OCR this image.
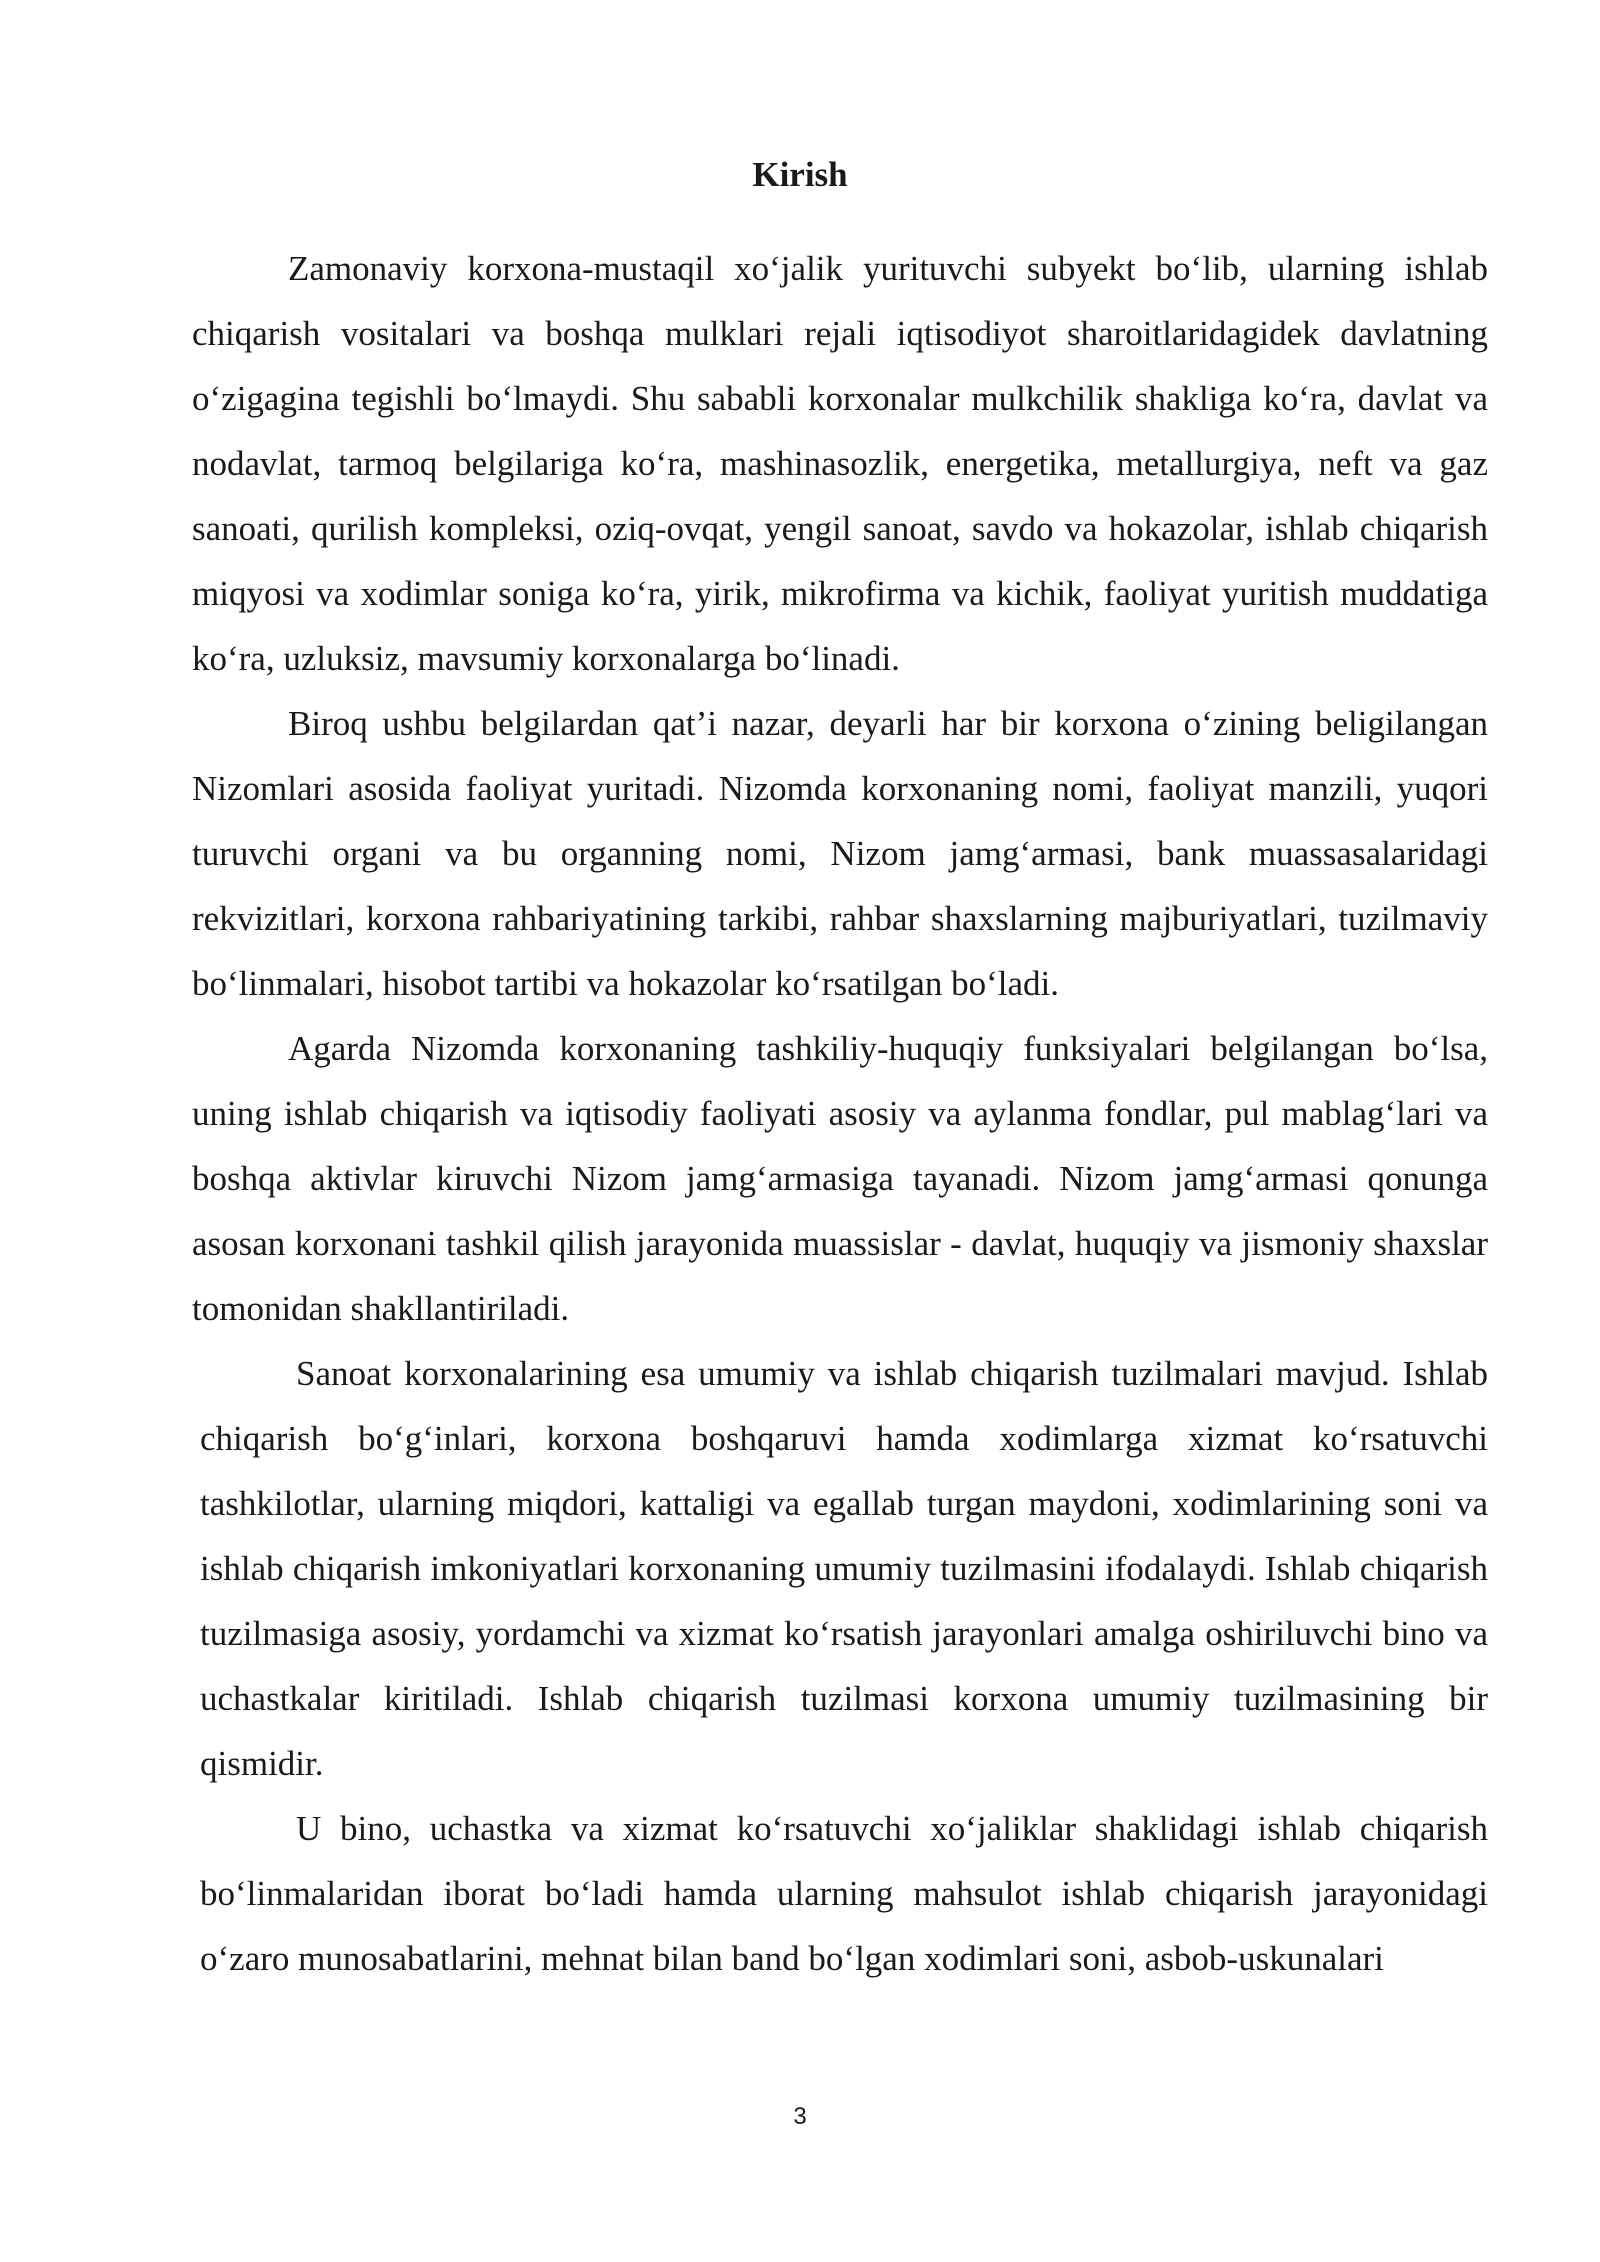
Kirish

Zamonaviy korxona-mustaqil xo‘jalik yurituvchi subyekt bo‘lib, ularning ishlab chiqarish vositalari va boshqa mulklari rejali iqtisodiyot sharoitlaridagidek davlatning o‘zigagina tegishli bo‘lmaydi. Shu sababli korxonalar mulkchilik shakliga ko‘ra, davlat va nodavlat, tarmoq belgilariga ko‘ra, mashinasozlik, energetika, metallurgiya, neft va gaz sanoati, qurilish kompleksi, oziq-ovqat, yengil sanoat, savdo va hokazolar, ishlab chiqarish miqyosi va xodimlar soniga ko‘ra, yirik, mikrofirma va kichik, faoliyat yuritish muddatiga ko‘ra, uzluksiz, mavsumiy korxonalarga bo‘linadi.

Biroq ushbu belgilardan qat’i nazar, deyarli har bir korxona o‘zining beligilangan Nizomlari asosida faoliyat yuritadi. Nizomda korxonaning nomi, faoliyat manzili, yuqori turuvchi organi va bu organning nomi, Nizom jamg‘armasi, bank muassasalaridagi rekvizitlari, korxona rahbariyatining tarkibi, rahbar shaxslarning majburiyatlari, tuzilmaviy bo‘linmalari, hisobot tartibi va hokazolar ko‘rsatilgan bo‘ladi.

Agarda Nizomda korxonaning tashkiliy-huquqiy funksiyalari belgilangan bo‘lsa, uning ishlab chiqarish va iqtisodiy faoliyati asosiy va aylanma fondlar, pul mablag‘lari va boshqa aktivlar kiruvchi Nizom jamg‘armasiga tayanadi. Nizom jamg‘armasi qonunga asosan korxonani tashkil qilish jarayonida muassislar - davlat, huquqiy va jismoniy shaxslar tomonidan shakllantiriladi.

Sanoat korxonalarining esa umumiy va ishlab chiqarish tuzilmalari mavjud. Ishlab chiqarish bo‘g‘inlari, korxona boshqaruvi hamda xodimlarga xizmat ko‘rsatuvchi tashkilotlar, ularning miqdori, kattaligi va egallab turgan maydoni, xodimlarining soni va ishlab chiqarish imkoniyatlari korxonaning umumiy tuzilmasini ifodalaydi. Ishlab chiqarish tuzilmasiga asosiy, yordamchi va xizmat ko‘rsatish jarayonlari amalga oshiriluvchi bino va uchastkalar kiritiladi. Ishlab chiqarish tuzilmasi korxona umumiy tuzilmasining bir qismidir.

U bino, uchastka va xizmat ko‘rsatuvchi xo‘jaliklar shaklidagi ishlab chiqarish bo‘linmalaridan iborat bo‘ladi hamda ularning mahsulot ishlab chiqarish jarayonidagi o‘zaro munosabatlarini, mehnat bilan band bo‘lgan xodimlari soni, asbob-uskunalari

3
